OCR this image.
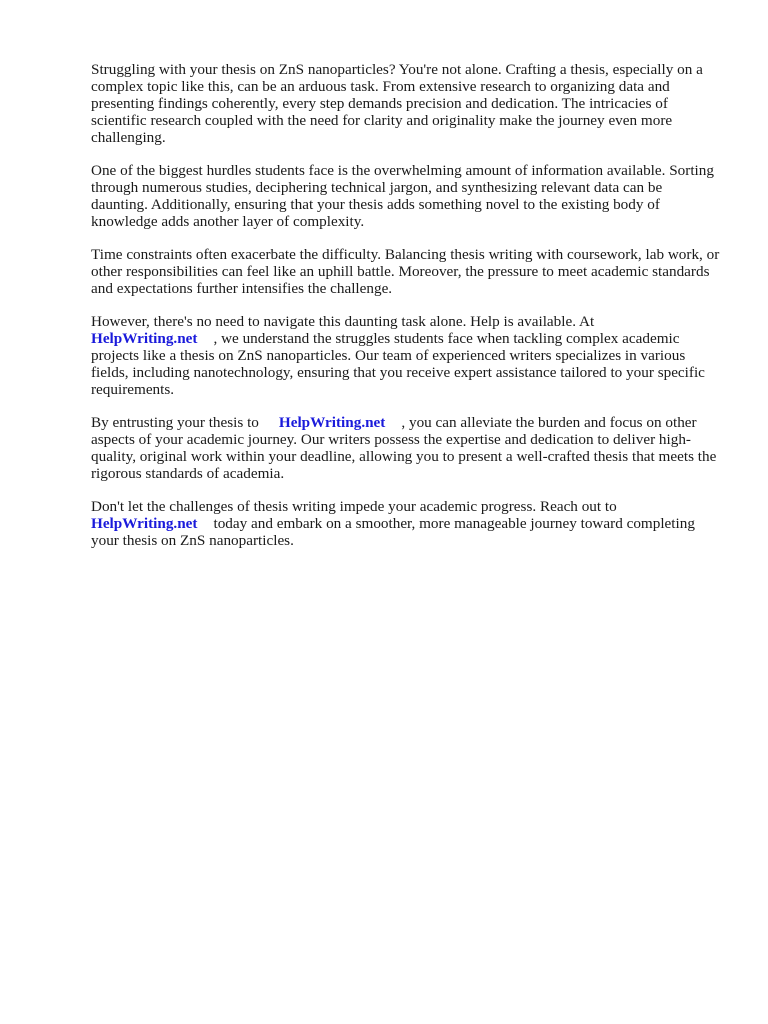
Struggling with your thesis on ZnS nanoparticles? You're not alone. Crafting a thesis, especially on a complex topic like this, can be an arduous task. From extensive research to organizing data and presenting findings coherently, every step demands precision and dedication. The intricacies of scientific research coupled with the need for clarity and originality make the journey even more challenging.

One of the biggest hurdles students face is the overwhelming amount of information available. Sorting through numerous studies, deciphering technical jargon, and synthesizing relevant data can be daunting. Additionally, ensuring that your thesis adds something novel to the existing body of knowledge adds another layer of complexity.

Time constraints often exacerbate the difficulty. Balancing thesis writing with coursework, lab work, or other responsibilities can feel like an uphill battle. Moreover, the pressure to meet academic standards and expectations further intensifies the challenge.

However, there's no need to navigate this daunting task alone. Help is available. At
HelpWriting.net , we understand the struggles students face when tackling complex academic projects like a thesis on ZnS nanoparticles. Our team of experienced writers specializes in various fields, including nanotechnology, ensuring that you receive expert assistance tailored to your specific requirements.

By entrusting your thesis to HelpWriting.net , you can alleviate the burden and focus on other aspects of your academic journey. Our writers possess the expertise and dedication to deliver high-quality, original work within your deadline, allowing you to present a well-crafted thesis that meets the rigorous standards of academia.

Don't let the challenges of thesis writing impede your academic progress. Reach out to
HelpWriting.net today and embark on a smoother, more manageable journey toward completing your thesis on ZnS nanoparticles.
